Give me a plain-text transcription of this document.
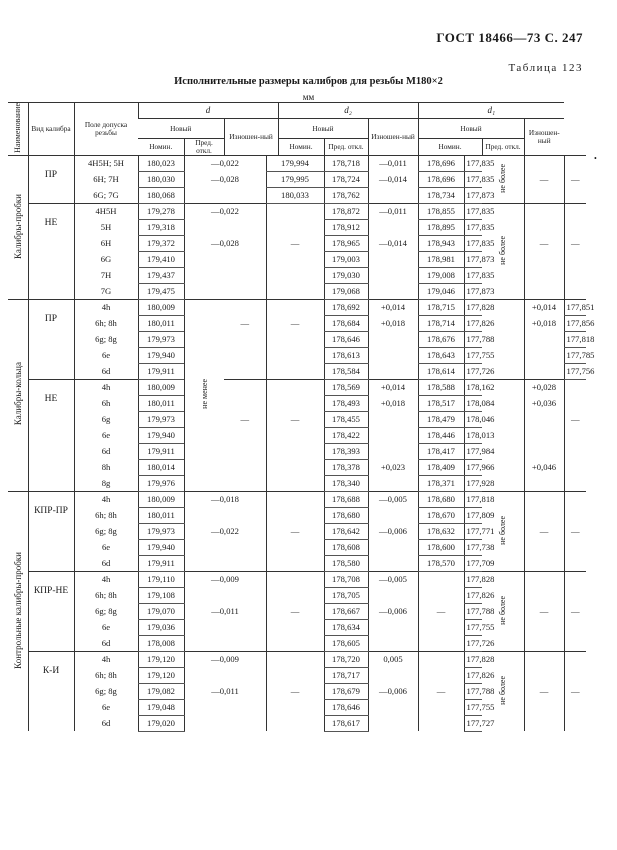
ГОСТ 18466—73 С. 247
Таблица 123
Исполнительные размеры калибров для резьбы М180×2
мм
•
Наименование	Вид калибра	Поле допуска резьбы	d				d₂			d₁				
			Новый		Изношен-ный		Новый		Изношен-ный	Новый			Изношен-ный	
			Номин.	Пред. откл.			Номин.	Пред. откл.		Номин.		Пред. откл.		
Калибры-пробки	ПР	4H5H; 5H	180,023	—0,022		179,994		178,718	—0,011	178,696	177,835	не более		
		6H; 7H	180,030	—0,028		179,995		178,724	—0,014	178,696	177,835		—	—
		6G; 7G	180,068			180,033		178,762		178,734	177,873			
	НЕ	4H5H	179,278	—0,022				178,872	—0,011	178,855	177,835	не более		
		5H	179,318					178,912		178,895	177,835			
		6H	179,372	—0,028		—		178,965	—0,014	178,943	177,835		—	—
		6G	179,410					179,003		178,981	177,873			
		7H	179,437					179,030		179,008	177,835			
		7G	179,475					179,068		179,046	177,873			
Калибры-кольца	ПР	4h	180,009	не менее				178,692	+0,014	178,715	177,828		+0,014	177,851
		6h; 8h	180,011		—	—		178,684	+0,018	178,714	177,826		+0,018	177,856
		6g; 8g	179,973					178,646		178,676	177,788			177,818
		6e	179,940					178,613		178,643	177,755			177,785
		6d	179,911					178,584		178,614	177,726			177,756
	НЕ	4h	180,009					178,569	+0,014	178,588	178,162		+0,028	
		6h	180,011					178,493	+0,018	178,517	178,084		+0,036	
		6g	179,973		—	—		178,455		178,479	178,046			—
		6e	179,940					178,422		178,446	178,013			
		6d	179,911					178,393		178,417	177,984			
		8h	180,014					178,378	+0,023	178,409	177,966		+0,046	
		8g	179,976					178,340		178,371	177,928			
Контрольные калибры-пробки	КПР-ПР	4h	180,009	—0,018				178,688	—0,005	178,680	177,818	не более		
		6h; 8h	180,011					178,680		178,670	177,809			
		6g; 8g	179,973	—0,022		—		178,642	—0,006	178,632	177,771		—	—
		6e	179,940					178,608		178,600	177,738			
		6d	179,911					178,580		178,570	177,709			
	КПР-НЕ	4h	179,110	—0,009				178,708	—0,005		177,828	не более		
		6h; 8h	179,108					178,705			177,826			
		6g; 8g	179,070	—0,011		—		178,667	—0,006	—	177,788		—	—
		6e	179,036					178,634			177,755			
		6d	178,008					178,605			177,726			
	К-И	4h	179,120	—0,009				178,720	0,005		177,828	не более		
		6h; 8h	179,120					178,717			177,826			
		6g; 8g	179,082	—0,011		—		178,679	—0,006	—	177,788		—	—
		6e	179,048					178,646			177,755			
		6d	179,020					178,617			177,727			
